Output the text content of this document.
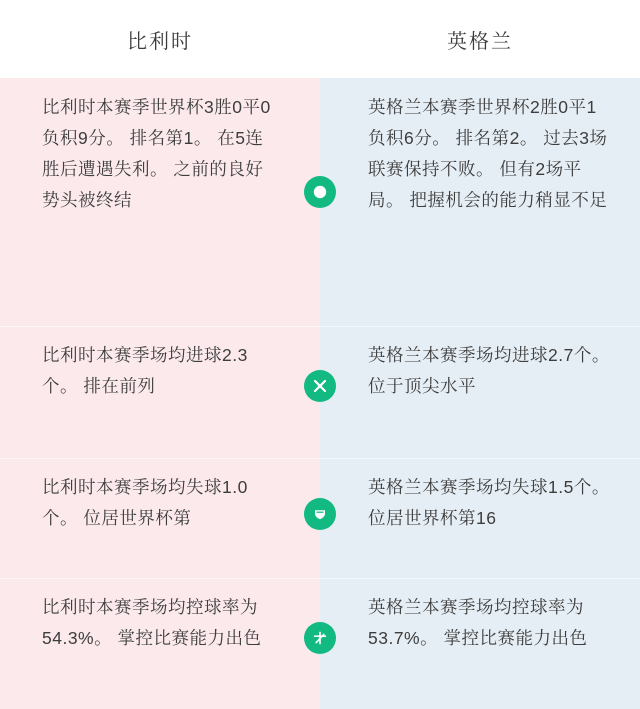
比利时	英格兰
比利时本赛季世界杯3胜0平0负积9分。 排名第1。 在5连胜后遭遇失利。 之前的良好势头被终结
英格兰本赛季世界杯2胜0平1负积6分。 排名第2。 过去3场联赛保持不败。 但有2场平局。 把握机会的能力稍显不足
比利时本赛季场均进球2.3个。 排在前列
英格兰本赛季场均进球2.7个。 位于顶尖水平
比利时本赛季场均失球1.0个。 位居世界杯第
英格兰本赛季场均失球1.5个。 位居世界杯第16
比利时本赛季场均控球率为54.3%。 掌控比赛能力出色
英格兰本赛季场均控球率为53.7%。 掌控比赛能力出色
